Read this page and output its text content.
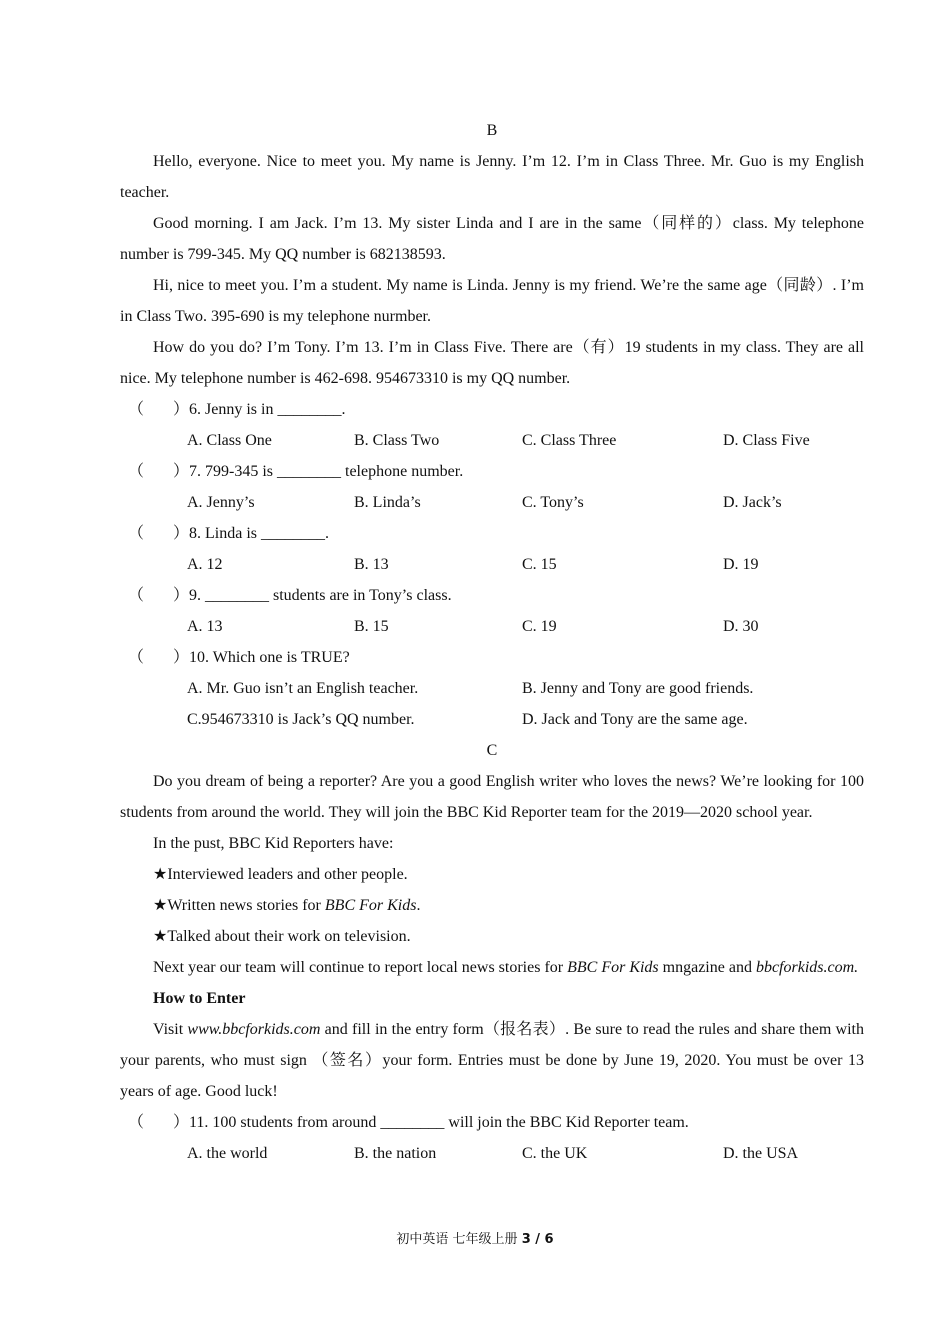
B

Hello, everyone. Nice to meet you. My name is Jenny. I’m 12. I’m in Class Three. Mr. Guo is my English teacher.

Good morning. I am Jack. I’m 13. My sister Linda and I are in the same（同样的）class. My telephone number is 799-345. My QQ number is 682138593.

Hi, nice to meet you. I’m a student. My name is Linda. Jenny is my friend. We’re the same age（同龄）. I’m in Class Two. 395-690 is my telephone nurmber.

How do you do? I’m Tony. I’m 13. I’m in Class Five. There are（有）19 students in my class. They are all nice. My telephone number is 462-698. 954673310 is my QQ number.

（ ）6. Jenny is in ________.
A. Class One	B. Class Two	C. Class Three	D. Class Five
（ ）7. 799-345 is ________ telephone number.
A. Jenny’s	B. Linda’s	C. Tony’s	D. Jack’s
（ ）8. Linda is ________.
A. 12	B. 13	C. 15	D. 19
（ ）9. ________ students are in Tony’s class.
A. 13	B. 15	C. 19	D. 30
（ ）10. Which one is TRUE?
A. Mr. Guo isn’t an English teacher.	B. Jenny and Tony are good friends.
C.954673310 is Jack’s QQ number.	D. Jack and Tony are the same age.
C

Do you dream of being a reporter? Are you a good English writer who loves the news? We’re looking for 100 students from around the world. They will join the BBC Kid Reporter team for the 2019—2020 school year.

In the pust, BBC Kid Reporters have:
★Interviewed leaders and other people.
★Written news stories for BBC For Kids.
★Talked about their work on television.

Next year our team will continue to report local news stories for BBC For Kids mngazine and bbcforkids.com.

How to Enter

Visit www.bbcforkids.com and fill in the entry form（报名表）. Be sure to read the rules and share them with your parents, who must sign （签名）your form. Entries must be done by June 19, 2020. You must be over 13 years of age. Good luck!

（ ）11. 100 students from around ________ will join the BBC Kid Reporter team.
A. the world	B. the nation	C. the UK	D. the USA
初中英语 七年级上册 3 / 6
